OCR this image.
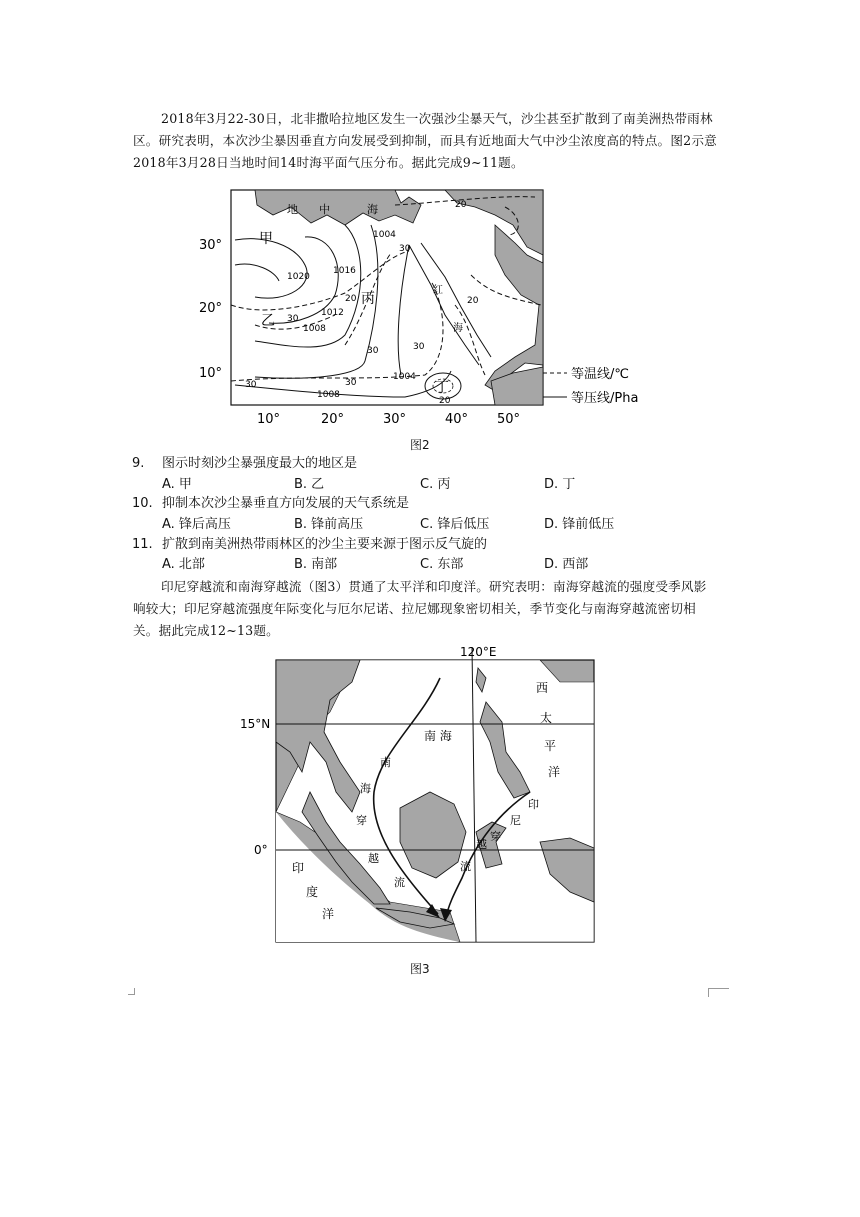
2018年3月22-30日，北非撒哈拉地区发生一次强沙尘暴天气，沙尘甚至扩散到了南美洲热带雨林区。研究表明，本次沙尘暴因垂直方向发展受到抑制，而具有近地面大气中沙尘浓度高的特点。图2示意2018年3月28日当地时间14时海平面气压分布。据此完成9~11题。
30°
20°
10°
10°	20°	30°	40° 50°
地 中	海
红
海
甲
乙
丙
丁
1004
1016
1020
1012
1008
1004
1008
20
30
20
30
30	30
30
20
30
20
等温线/℃
等压线/Pha
图2
9. 图示时刻沙尘暴强度最大的地区是
A. 甲	B. 乙	C. 丙	D. 丁
10. 抑制本次沙尘暴垂直方向发展的天气系统是
A. 锋后高压	B. 锋前高压	C. 锋后低压	D. 锋前低压
11. 扩散到南美洲热带雨林区的沙尘主要来源于图示反气旋的
A. 北部	B. 南部	C. 东部	D. 西部
印尼穿越流和南海穿越流（图3）贯通了太平洋和印度洋。研究表明：南海穿越流的强度受季风影响较大；印尼穿越流强度年际变化与厄尔尼诺、拉尼娜现象密切相关，季节变化与南海穿越流密切相关。据此完成12~13题。
120°E
15°N
0°
西
太
平
洋
印
度
洋
南 海
南
海
穿
越
流
印
尼
穿
越
流
图3
